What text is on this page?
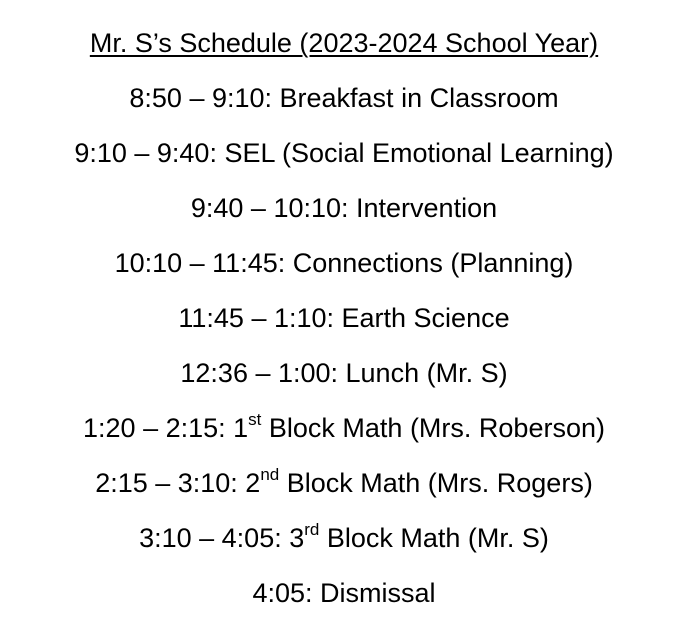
Mr. S’s Schedule (2023-2024 School Year)
8:50 – 9:10: Breakfast in Classroom
9:10 – 9:40: SEL (Social Emotional Learning)
9:40 – 10:10: Intervention
10:10 – 11:45: Connections (Planning)
11:45 – 1:10: Earth Science
12:36 – 1:00: Lunch (Mr. S)
1:20 – 2:15: 1st Block Math (Mrs. Roberson)
2:15 – 3:10: 2nd Block Math (Mrs. Rogers)
3:10 – 4:05: 3rd Block Math (Mr. S)
4:05: Dismissal
